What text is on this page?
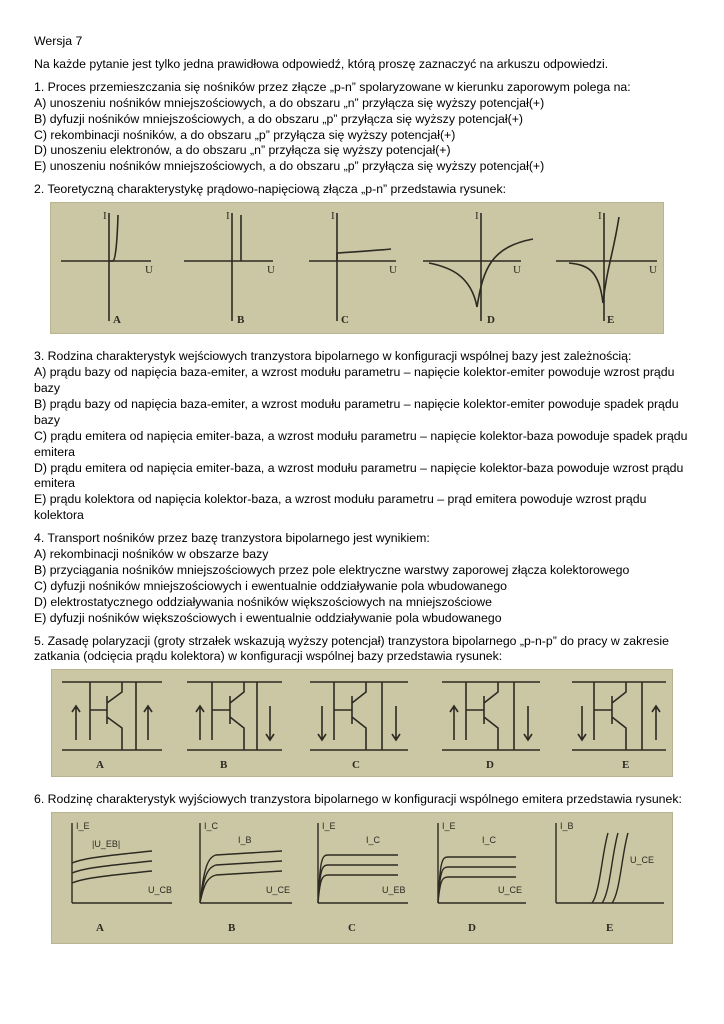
Wersja 7

Na każde pytanie jest tylko jedna prawidłowa odpowiedź, którą proszę zaznaczyć na arkuszu odpowiedzi.

1. Proces przemieszczania się nośników przez złącze „p-n” spolaryzowane w kierunku zaporowym polega na:

A) unoszeniu nośników mniejszościowych, a do obszaru „n” przyłącza się wyższy potencjał(+)

B) dyfuzji nośników mniejszościowych, a do obszaru „p” przyłącza się wyższy potencjał(+)

C) rekombinacji nośników, a do obszaru „p” przyłącza się wyższy potencjał(+)

D) unoszeniu elektronów, a do obszaru „n” przyłącza się wyższy potencjał(+)

E) unoszeniu nośników mniejszościowych, a do obszaru „p” przyłącza się wyższy potencjał(+)

2. Teoretyczną charakterystykę prądowo-napięciową złącza „p-n” przedstawia rysunek:

I
U
I
U
I
U
I
U
I
U
A	B	C	D	E

3. Rodzina charakterystyk wejściowych tranzystora bipolarnego w konfiguracji wspólnej bazy jest zależnością:

A) prądu bazy od napięcia baza-emiter, a wzrost modułu parametru – napięcie kolektor-emiter powoduje wzrost prądu bazy

B) prądu bazy od napięcia baza-emiter, a wzrost modułu parametru – napięcie kolektor-emiter powoduje spadek prądu bazy

C) prądu emitera od napięcia emiter-baza, a wzrost modułu parametru – napięcie kolektor-baza powoduje spadek prądu emitera

D) prądu emitera od napięcia emiter-baza, a wzrost modułu parametru – napięcie kolektor-baza powoduje wzrost prądu emitera

E) prądu kolektora od napięcia kolektor-baza, a wzrost modułu parametru – prąd emitera powoduje wzrost prądu kolektora

4. Transport nośników przez bazę tranzystora bipolarnego jest wynikiem:

A) rekombinacji nośników w obszarze bazy

B) przyciągania nośników mniejszościowych przez pole elektryczne warstwy zaporowej złącza kolektorowego

C) dyfuzji nośników mniejszościowych i ewentualnie oddziaływanie pola wbudowanego

D) elektrostatycznego oddziaływania nośników większościowych na mniejszościowe

E) dyfuzji nośników większościowych i ewentualnie oddziaływanie pola wbudowanego

5. Zasadę polaryzacji (groty strzałek wskazują wyższy potencjał) tranzystora bipolarnego „p-n-p” do pracy w zakresie zatkania (odcięcia prądu kolektora) w konfiguracji wspólnej bazy przedstawia rysunek:

A	B	C	D	E

6. Rodzinę charakterystyk wyjściowych tranzystora bipolarnego w konfiguracji wspólnego emitera przedstawia rysunek:

I_E
U_CB
|U_EB|
I_C
U_CE
I_B
I_E
U_EB
I_C
I_E
U_CE
I_C
I_B
U_CE
A	B	C	D	E
